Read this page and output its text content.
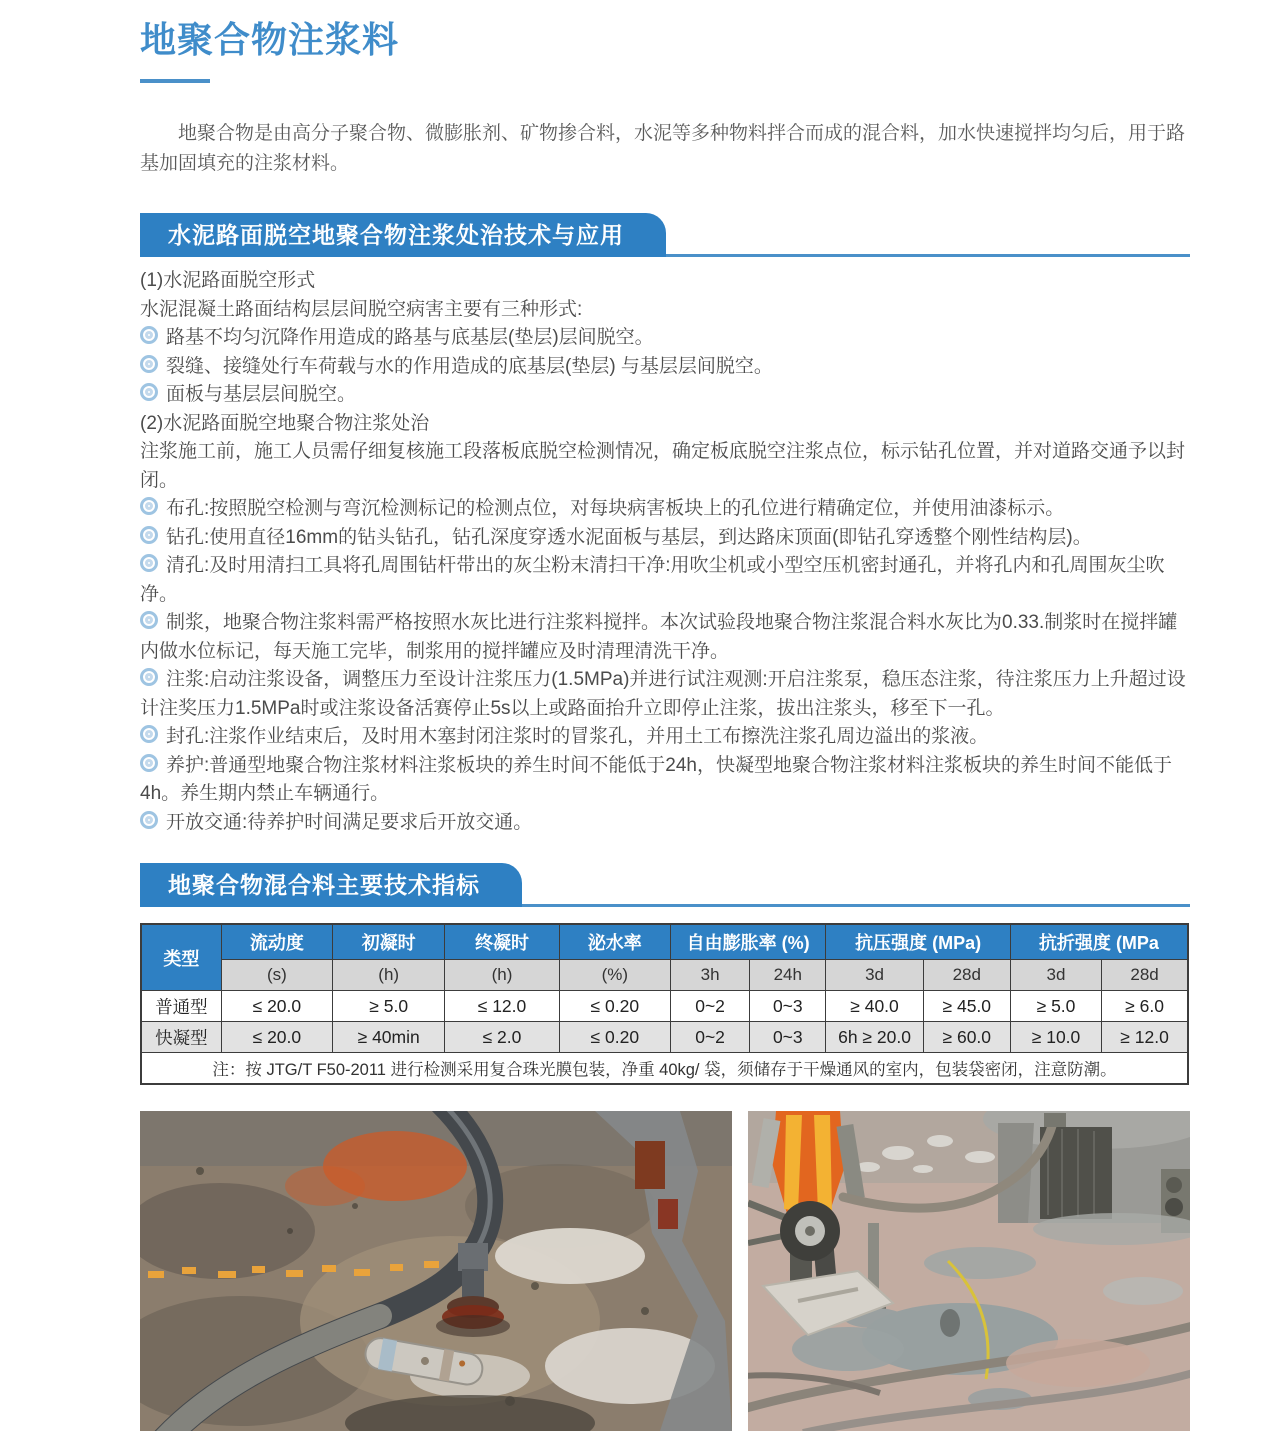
地聚合物注浆料

地聚合物是由高分子聚合物、微膨胀剂、矿物掺合料，水泥等多种物料拌合而成的混合料，加水快速搅拌均匀后，用于路基加固填充的注浆材料。

水泥路面脱空地聚合物注浆处治技术与应用

(1)水泥路面脱空形式

水泥混凝土路面结构层层间脱空病害主要有三种形式:

路基不均匀沉降作用造成的路基与底基层(垫层)层间脱空。

裂缝、接缝处行车荷载与水的作用造成的底基层(垫层) 与基层层间脱空。

面板与基层层间脱空。

(2)水泥路面脱空地聚合物注浆处治

注浆施工前，施工人员需仔细复核施工段落板底脱空检测情况，确定板底脱空注浆点位，标示钻孔位置，并对道路交通予以封闭。

布孔:按照脱空检测与弯沉检测标记的检测点位，对每块病害板块上的孔位进行精确定位，并使用油漆标示。

钻孔:使用直径16mm的钻头钻孔，钻孔深度穿透水泥面板与基层，到达路床顶面(即钻孔穿透整个刚性结构层)。

清孔:及时用清扫工具将孔周围钻杆带出的灰尘粉末清扫干净:用吹尘机或小型空压机密封通孔，并将孔内和孔周围灰尘吹净。

制浆，地聚合物注浆料需严格按照水灰比进行注浆料搅拌。本次试验段地聚合物注浆混合料水灰比为0.33.制浆时在搅拌罐内做水位标记，每天施工完毕，制浆用的搅拌罐应及时清理清洗干净。

注浆:启动注浆设备，调整压力至设计注浆压力(1.5MPa)并进行试注观测:开启注浆泵，稳压态注浆，待注浆压力上升超过设计注奖压力1.5MPa时或注浆设备活赛停止5s以上或路面抬升立即停止注浆，拔出注浆头，移至下一孔。

封孔:注浆作业结束后，及时用木塞封闭注浆时的冒浆孔，并用土工布擦洗注浆孔周边溢出的浆液。

养护:普通型地聚合物注浆材料注浆板块的养生时间不能低于24h，快凝型地聚合物注浆材料注浆板块的养生时间不能低于4h。养生期内禁止车辆通行。

开放交通:待养护时间满足要求后开放交通。

地聚合物混合料主要技术指标
类型	流动度	初凝时	终凝时	泌水率	自由膨胀率 (%)		抗压强度 (MPa)		抗折强度 (MPa	
	(s)	(h)	(h)	(%)	3h	24h	3d	28d	3d	28d
普通型	≤ 20.0	≥ 5.0	≤ 12.0	≤ 0.20	0~2	0~3	≥ 40.0	≥ 45.0	≥ 5.0	≥ 6.0
快凝型	≤ 20.0	≥ 40min	≤ 2.0	≤ 0.20	0~2	0~3	6h ≥ 20.0	≥ 60.0	≥ 10.0	≥ 12.0
注：按 JTG/T F50-2011 进行检测采用复合珠光膜包装，净重 40kg/ 袋，须储存于干燥通风的室内，包装袋密闭，注意防潮。										
